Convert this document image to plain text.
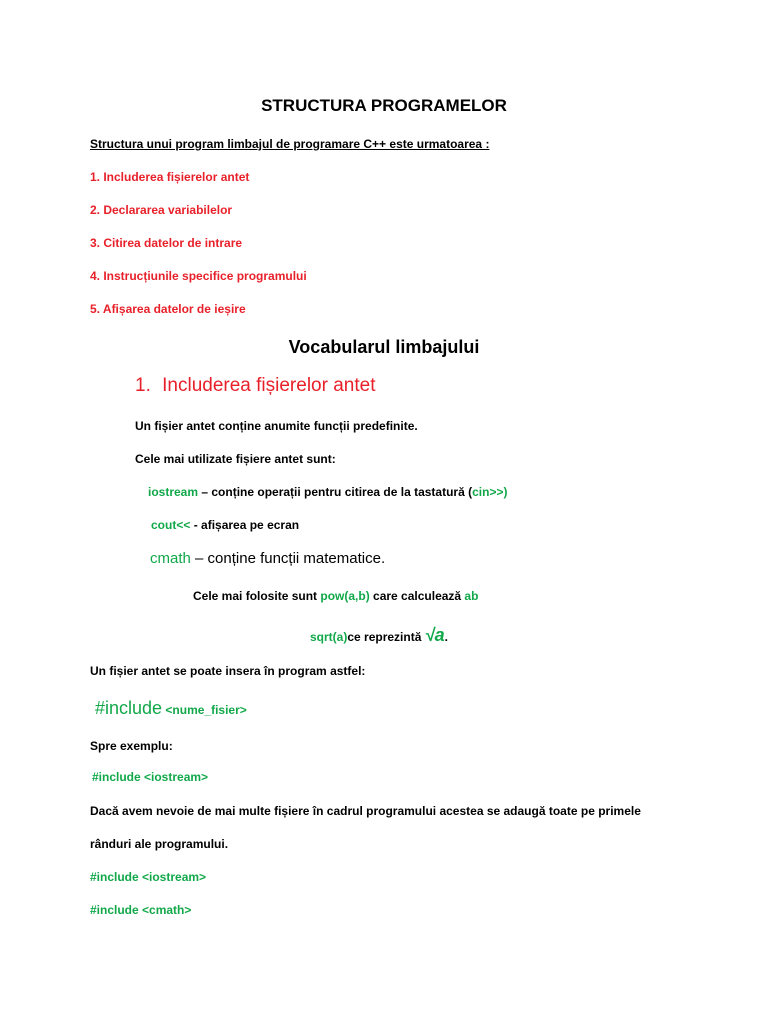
STRUCTURA PROGRAMELOR
Structura unui program limbajul de programare C++ este urmatoarea :
1. Includerea fișierelor antet
2. Declararea variabilelor
3. Citirea datelor de intrare
4. Instrucțiunile specifice programului
5. Afișarea datelor de ieșire
Vocabularul limbajului
1. Includerea fișierelor antet
Un fișier antet conține anumite funcții predefinite.
Cele mai utilizate fișiere antet sunt:
iostream – conține operații pentru citirea de la tastatură (cin>>)
cout<< - afișarea pe ecran
cmath – conține funcții matematice.
Cele mai folosite sunt pow(a,b) care calculează ab
sqrt(a)ce reprezintă √a.
Un fișier antet se poate insera în program astfel:
#include <nume_fisier>
Spre exemplu:
#include <iostream>
Dacă avem nevoie de mai multe fișiere în cadrul programului acestea se adaugă toate pe primele
rânduri ale programului.
#include <iostream>
#include <cmath>
